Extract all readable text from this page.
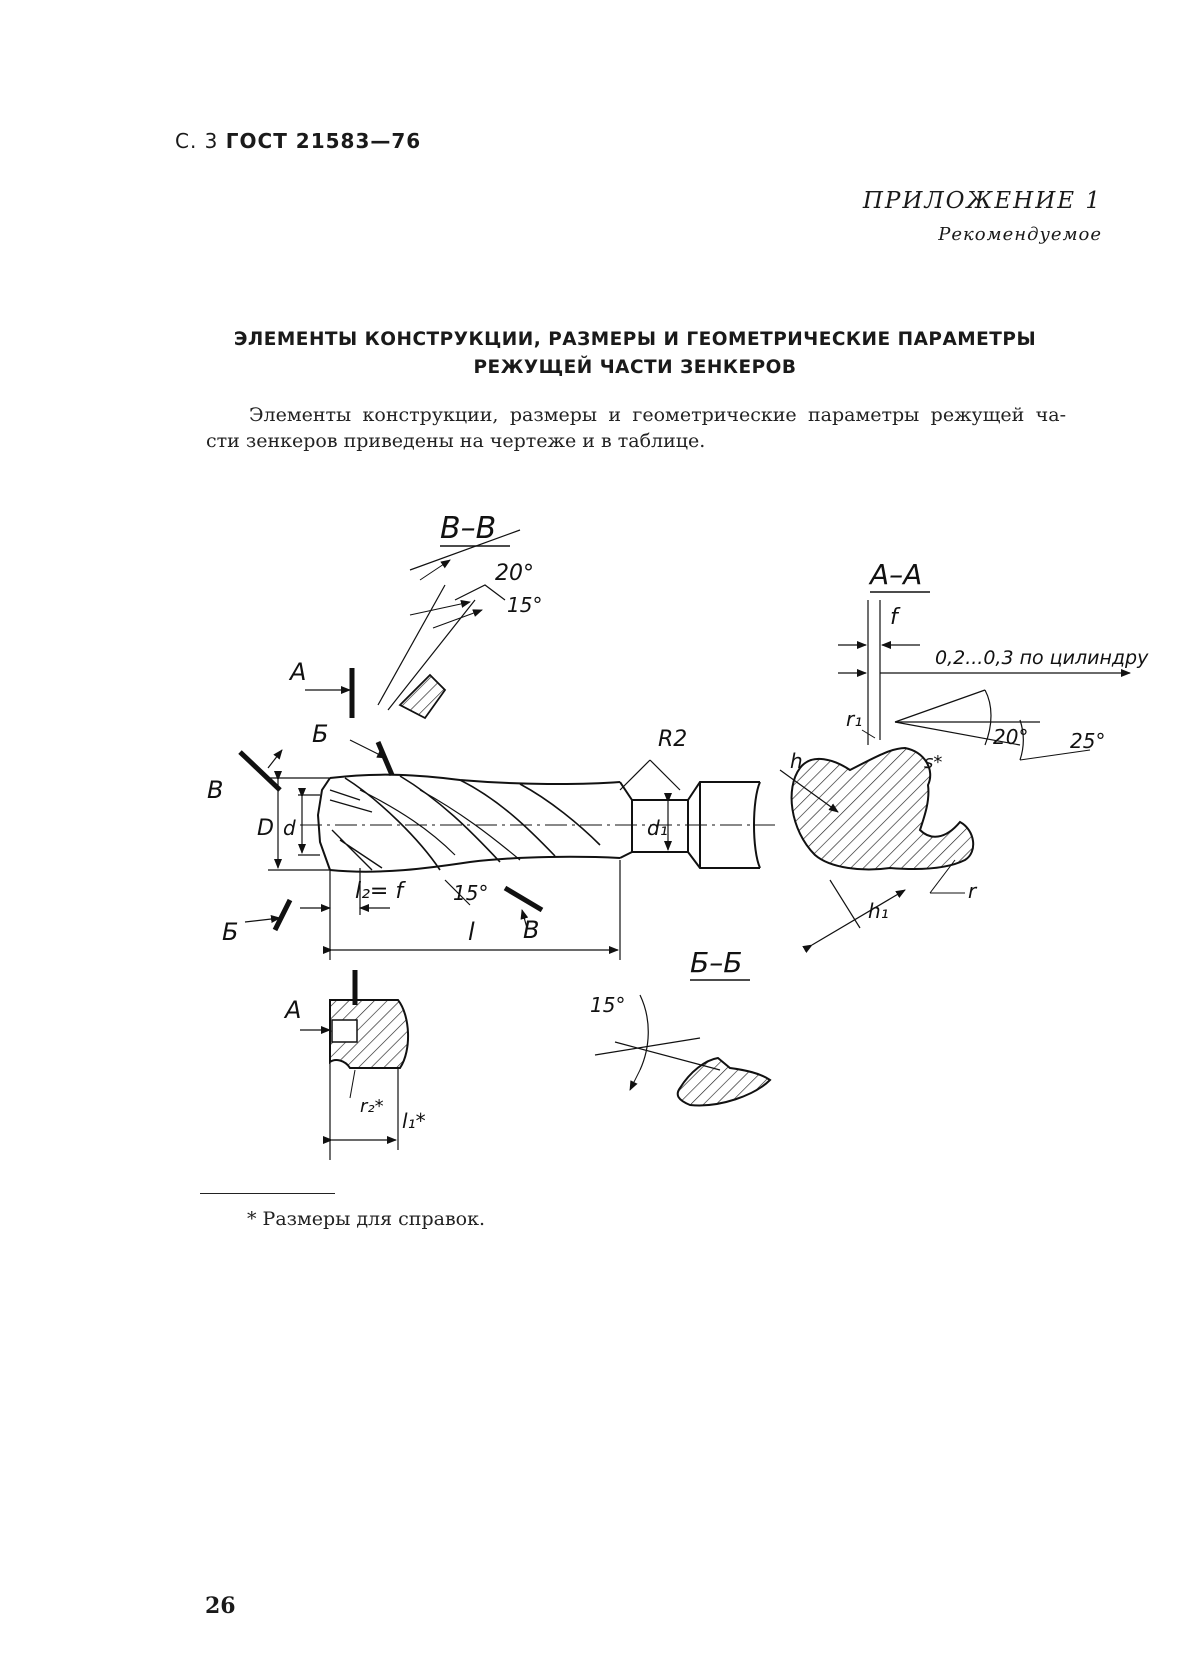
С. 3 ГОСТ 21583—76
ПРИЛОЖЕНИЕ 1
Рекомендуемое
ЭЛЕМЕНТЫ КОНСТРУКЦИИ, РАЗМЕРЫ И ГЕОМЕТРИЧЕСКИЕ ПАРАМЕТРЫ
РЕЖУЩЕЙ ЧАСТИ ЗЕНКЕРОВ
Элементы конструкции, размеры и геометрические параметры режущей ча-
сти зенкеров приведены на чертеже и в таблице.
В–В
А–А
Б–Б
20°
15°
15°
15°
20° 25°
А
А
Б
Б
В
В
D d	d₁
l
l₂= f
R2
f
0,2...0,3 по цилиндру
r₁
h	s*
h₁
r
r₂*
l₁*
* Размеры для справок.
26
